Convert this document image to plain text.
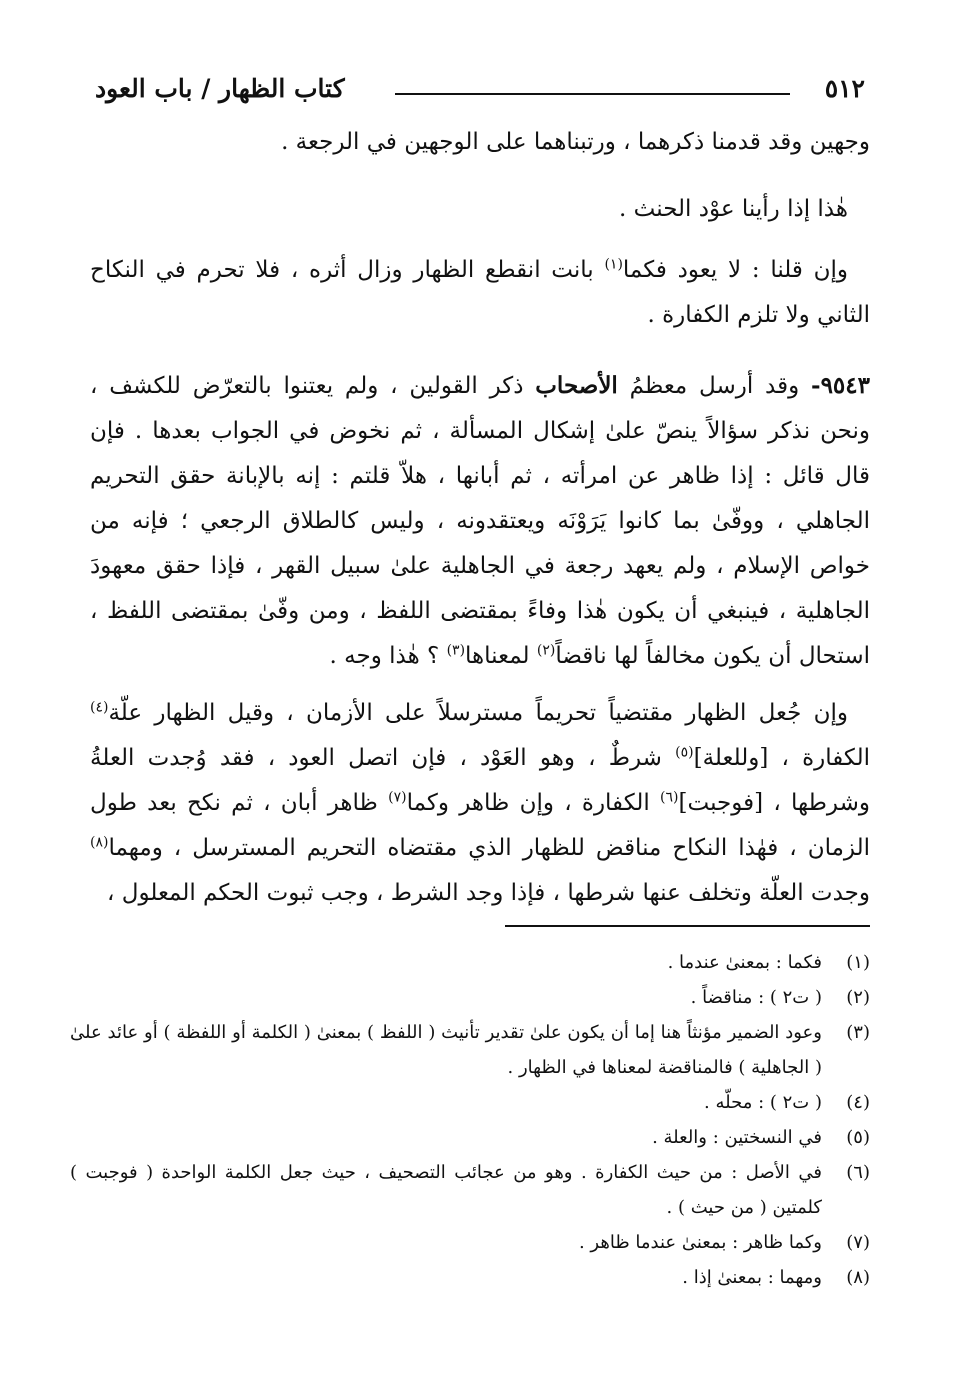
٥١٢
كتاب الظهار / باب العود

وجهين وقد قدمنا ذكرهما ، ورتبناهما على الوجهين في الرجعة .

هٰذا إذا رأينا عوْد الحنث .

وإن قلنا : لا يعود فكما$^{(١)}$ بانت انقطع الظهار وزال أثره ، فلا تحرم في النكاح الثاني ولا تلزم الكفارة .

٩٥٤٣- وقد أرسل معظمُ الأصحاب ذكر القولين ، ولم يعتنوا بالتعرّض للكشف ، ونحن نذكر سؤالاً ينصّ علىٰ إشكال المسألة ، ثم نخوض في الجواب بعدها . فإن قال قائل : إذا ظاهر عن امرأته ، ثم أبانها ، هلاّ قلتم : إنه بالإبانة حقق التحريم الجاهلي ، ووفّىٰ بما كانوا يَرَوْنَه ويعتقدونه ، وليس كالطلاق الرجعي ؛ فإنه من خواص الإسلام ، ولم يعهد رجعة في الجاهلية علىٰ سبيل القهر ، فإذا حقق معهودَ الجاهلية ، فينبغي أن يكون هٰذا وفاءً بمقتضى اللفظ ، ومن وفّىٰ بمقتضى اللفظ ، استحال أن يكون مخالفاً لها ناقضاً$^{(٢)}$ لمعناها$^{(٣)}$ ؟ هٰذا وجه .

وإن جُعل الظهار مقتضياً تحريماً مسترسلاً على الأزمان ، وقيل الظهار علّة$^{(٤)}$ الكفارة ، [وللعلة]$^{(٥)}$ شرطٌ ، وهو العَوْد ، فإن اتصل العود ، فقد وُجدت العلةُ وشرطها ، [فوجبت]$^{(٦)}$ الكفارة ، وإن ظاهر وكما$^{(٧)}$ ظاهر أبان ، ثم نكح بعد طول الزمان ، فهٰذا النكاح مناقض للظهار الذي مقتضاه التحريم المسترسل ، ومهما$^{(٨)}$ وجدت العلّة وتخلف عنها شرطها ، فإذا وجد الشرط ، وجب ثبوت الحكم المعلول ،

(١)
فكما : بمعنىٰ عندما .
(٢)
( ت٢ ) : مناقضاً .
(٣)
وعود الضمير مؤنثاً هنا إما أن يكون علىٰ تقدير تأنيث ( اللفظ ) بمعنىٰ ( الكلمة أو اللفظة ) أو عائد علىٰ ( الجاهلية ) فالمناقضة لمعناها في الظهار .
(٤)
( ت٢ ) : محلّه .
(٥)
في النسختين : والعلة .
(٦)
في الأصل : من حيث الكفارة . وهو من عجائب التصحيف ، حيث جعل الكلمة الواحدة ( فوجبت ) كلمتين ( من حيث ) .
(٧)
وكما ظاهر : بمعنىٰ عندما ظاهر .
(٨)
ومهما : بمعنىٰ إذا .
